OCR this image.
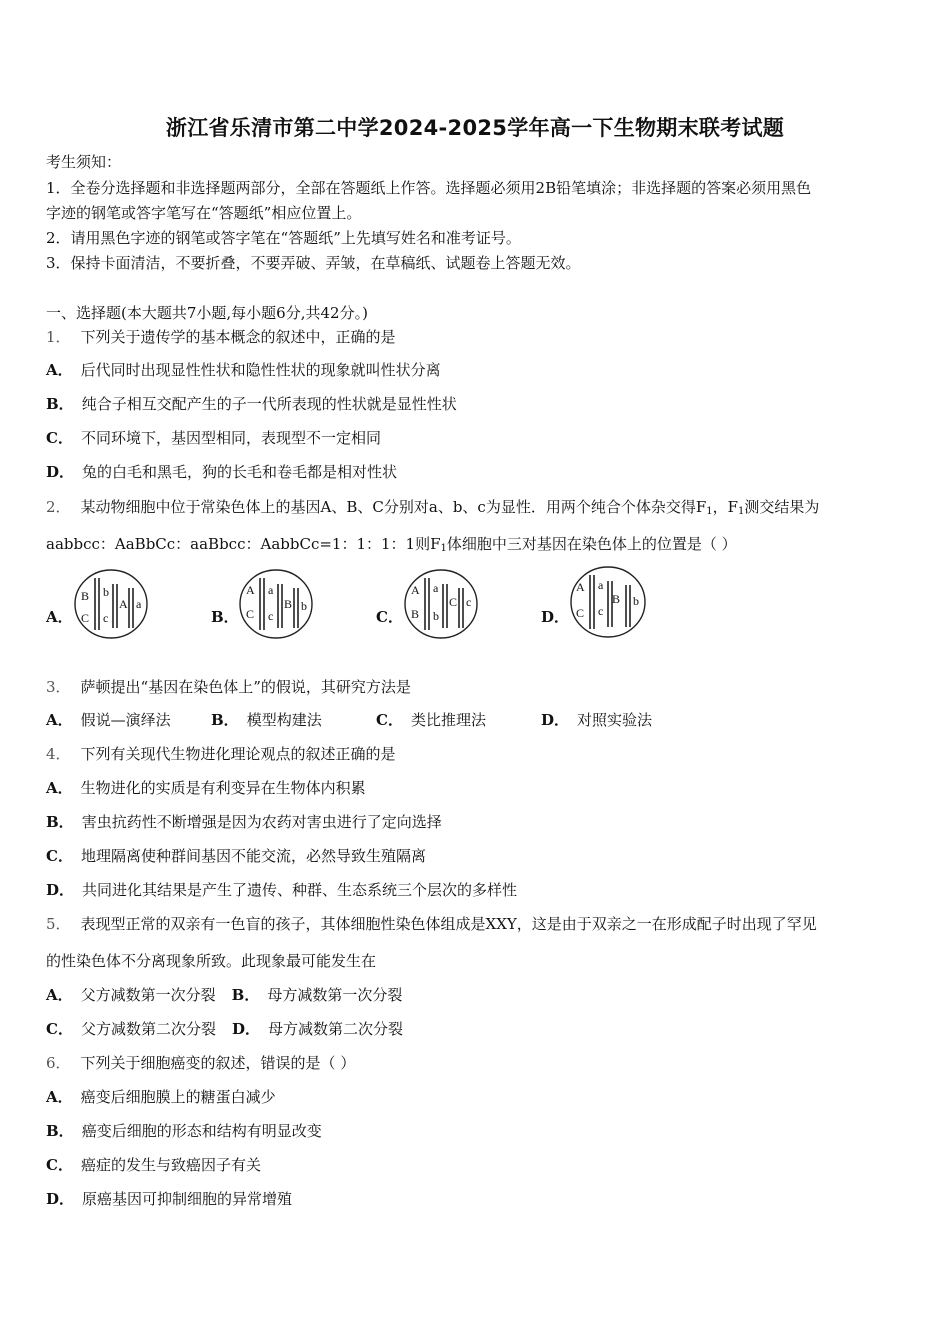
浙江省乐清市第二中学2024-2025学年高一下生物期末联考试题
考生须知：
1．全卷分选择题和非选择题两部分，全部在答题纸上作答。选择题必须用2B铅笔填涂；非选择题的答案必须用黑色
字迹的钢笔或答字笔写在“答题纸”相应位置上。
2．请用黑色字迹的钢笔或答字笔在“答题纸”上先填写姓名和准考证号。
3．保持卡面清洁，不要折叠，不要弄破、弄皱，在草稿纸、试题卷上答题无效。
一、选择题(本大题共7小题,每小题6分,共42分。)
1． 下列关于遗传学的基本概念的叙述中，正确的是
A． 后代同时出现显性性状和隐性性状的现象就叫性状分离
B． 纯合子相互交配产生的子一代所表现的性状就是显性性状
C． 不同环境下，基因型相同，表现型不一定相同
D． 兔的白毛和黑毛，狗的长毛和卷毛都是相对性状
2． 某动物细胞中位于常染色体上的基因A、B、C分别对a、b、c为显性．用两个纯合个体杂交得$F_1$，$F_1$测交结果为
aabbcc：AaBbCc：aaBbcc：AabbCc=1：1：1：1则$F_1$体细胞中三对基因在染色体上的位置是（ ）
A．	B．	C．	D．
B b
C c
A a
A a
C c
B b
A a
B b
C c
A a
C c
B b
3． 萨顿提出“基因在染色体上”的假说，其研究方法是
A． 假说—演绎法	B． 模型构建法	C． 类比推理法	D． 对照实验法
4． 下列有关现代生物进化理论观点的叙述正确的是
A． 生物进化的实质是有利变异在生物体内积累
B． 害虫抗药性不断增强是因为农药对害虫进行了定向选择
C． 地理隔离使种群间基因不能交流，必然导致生殖隔离
D． 共同进化其结果是产生了遗传、种群、生态系统三个层次的多样性
5． 表现型正常的双亲有一色盲的孩子，其体细胞性染色体组成是XXY，这是由于双亲之一在形成配子时出现了罕见
的性染色体不分离现象所致。此现象最可能发生在
A． 父方减数第一次分裂 B． 母方减数第一次分裂
C． 父方减数第二次分裂 D． 母方减数第二次分裂
6． 下列关于细胞癌变的叙述，错误的是（ ）
A． 癌变后细胞膜上的糖蛋白减少
B． 癌变后细胞的形态和结构有明显改变
C． 癌症的发生与致癌因子有关
D． 原癌基因可抑制细胞的异常增殖
